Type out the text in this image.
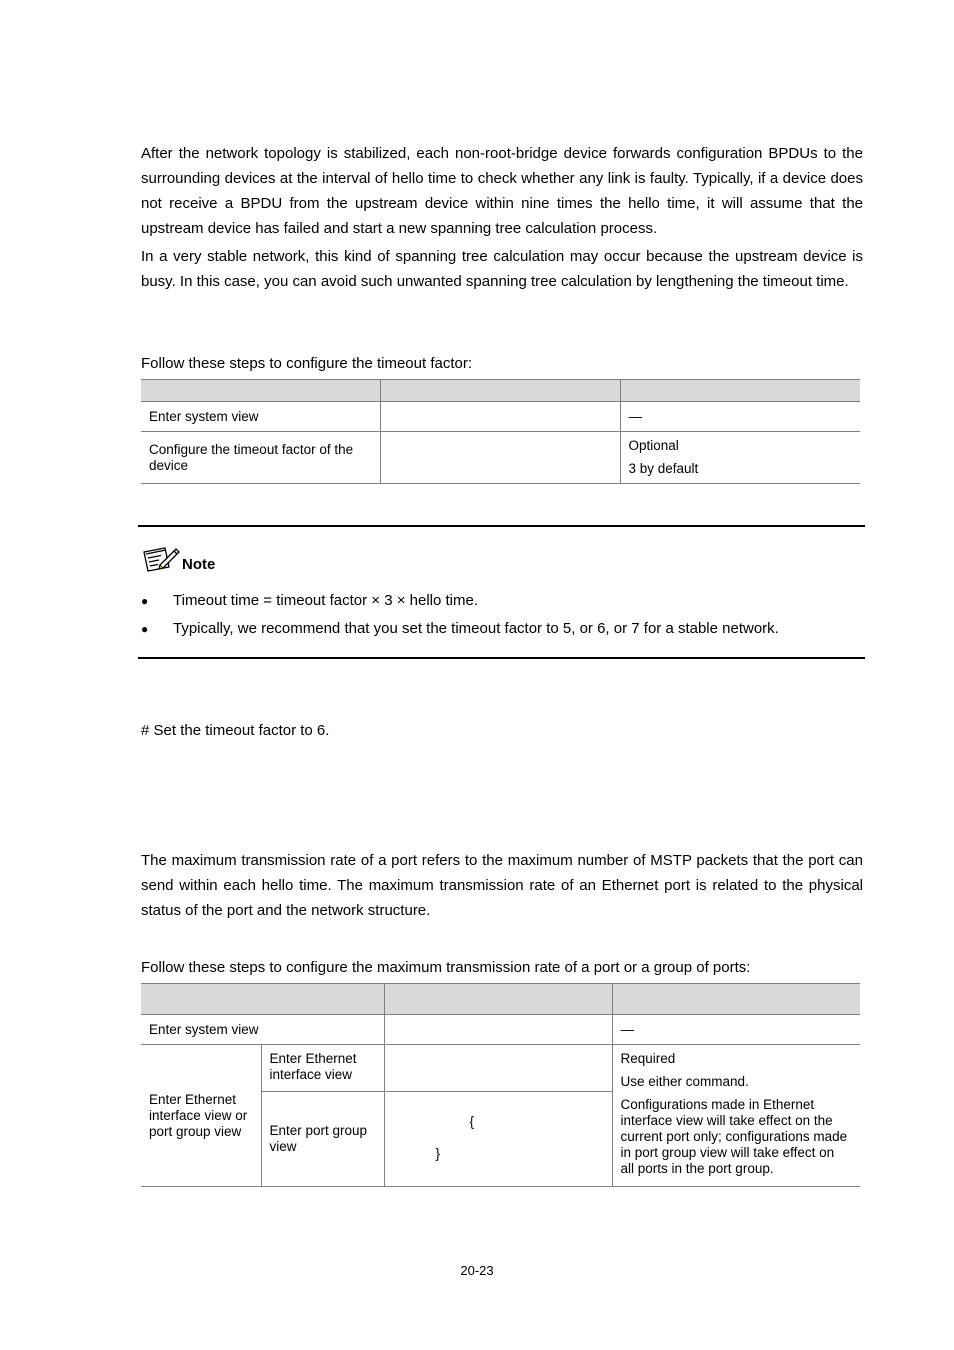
After the network topology is stabilized, each non-root-bridge device forwards configuration BPDUs to the surrounding devices at the interval of hello time to check whether any link is faulty. Typically, if a device does not receive a BPDU from the upstream device within nine times the hello time, it will assume that the upstream device has failed and start a new spanning tree calculation process.

In a very stable network, this kind of spanning tree calculation may occur because the upstream device is busy. In this case, you can avoid such unwanted spanning tree calculation by lengthening the timeout time.

Follow these steps to configure the timeout factor:

Enter system view		—
Configure the timeout factor of the device		Optional
3 by default
Note
● Timeout time = timeout factor × 3 × hello time.
● Typically, we recommend that you set the timeout factor to 5, or 6, or 7 for a stable network.

# Set the timeout factor to 6.

The maximum transmission rate of a port refers to the maximum number of MSTP packets that the port can send within each hello time. The maximum transmission rate of an Ethernet port is related to the physical status of the port and the network structure.

Follow these steps to configure the maximum transmission rate of a port or a group of ports:

Enter system view			—
Enter Ethernet interface view or port group view	Enter Ethernet interface view		Required
Use either command.
Configurations made in Ethernet interface view will take effect on the current port only; configurations made in port group view will take effect on all ports in the port group.

	Enter port group view	{
}	
20-23
